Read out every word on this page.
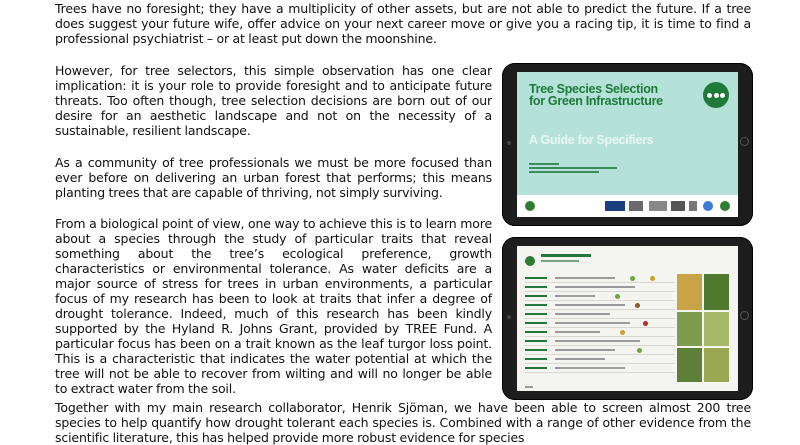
Trees have no foresight; they have a multiplicity of other assets, but are not able to predict the future. If a tree does suggest your future wife, offer advice on your next career move or give you a racing tip, it is time to find a professional psychiatrist – or at least put down the moonshine.

However, for tree selectors, this simple observation has one clear implication: it is your role to provide foresight and to anticipate future threats. Too often though, tree selection decisions are born out of our desire for an aesthetic landscape and not on the necessity of a sustainable, resilient landscape.

As a community of tree professionals we must be more focused than ever before on delivering an urban forest that performs; this means planting trees that are capable of thriving, not simply surviving.

From a biological point of view, one way to achieve this is to learn more about a species through the study of particular traits that reveal something about the tree’s ecological preference, growth characteristics or environmental tolerance. As water deficits are a major source of stress for trees in urban environments, a particular focus of my research has been to look at traits that infer a degree of drought tolerance. Indeed, much of this research has been kindly supported by the Hyland R. Johns Grant, provided by TREE Fund. A particular focus has been on a trait known as the leaf turgor loss point. This is a characteristic that indicates the water potential at which the tree will not be able to recover from wilting and will no longer be able to extract water from the soil.

Together with my main research collaborator, Henrik Sjöman, we have been able to screen almost 200 tree species to help quantify how drought tolerant each species is. Combined with a range of other evidence from the scientific literature, this has helped provide more robust evidence for species

Tree Species Selection for Green Infrastructure
A Guide for Specifiers
